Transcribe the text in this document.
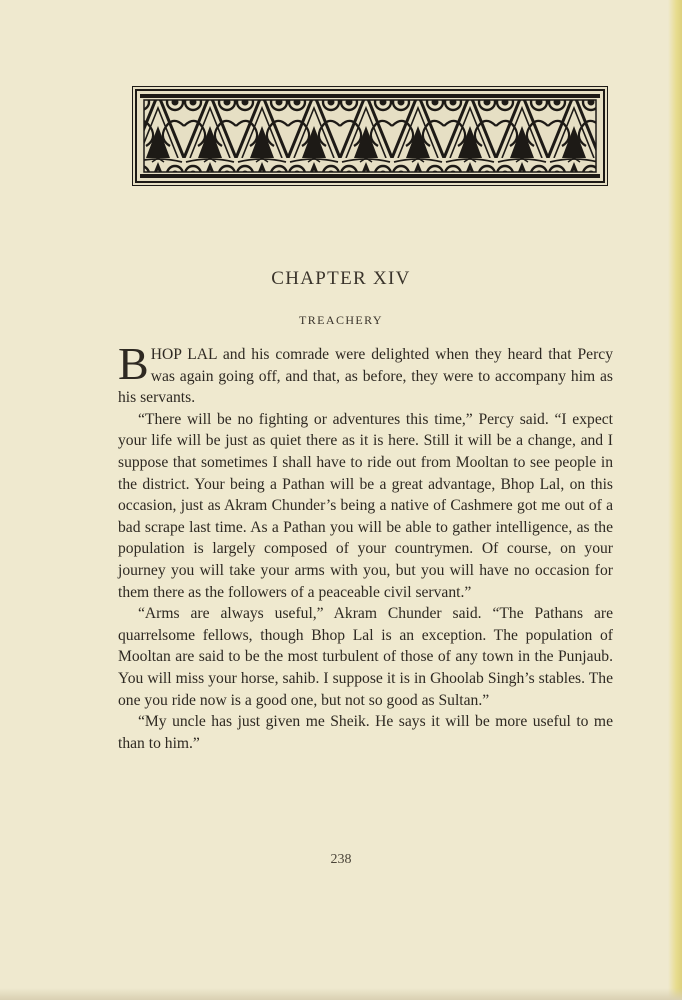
CHAPTER XIV
TREACHERY

BHOP LAL and his comrade were delighted when they heard that Percy was again going off, and that, as before, they were to accompany him as his servants.

“There will be no fighting or adventures this time,” Percy said. “I expect your life will be just as quiet there as it is here. Still it will be a change, and I suppose that sometimes I shall have to ride out from Mooltan to see people in the district. Your being a Pathan will be a great advantage, Bhop Lal, on this occasion, just as Akram Chunder’s being a native of Cashmere got me out of a bad scrape last time. As a Pathan you will be able to gather intelligence, as the population is largely composed of your countrymen. Of course, on your journey you will take your arms with you, but you will have no occasion for them there as the followers of a peaceable civil servant.”

“Arms are always useful,” Akram Chunder said. “The Pathans are quarrelsome fellows, though Bhop Lal is an exception. The population of Mooltan are said to be the most turbulent of those of any town in the Punjaub. You will miss your horse, sahib. I suppose it is in Ghoolab Singh’s stables. The one you ride now is a good one, but not so good as Sultan.”

“My uncle has just given me Sheik. He says it will be more useful to me than to him.”

238
